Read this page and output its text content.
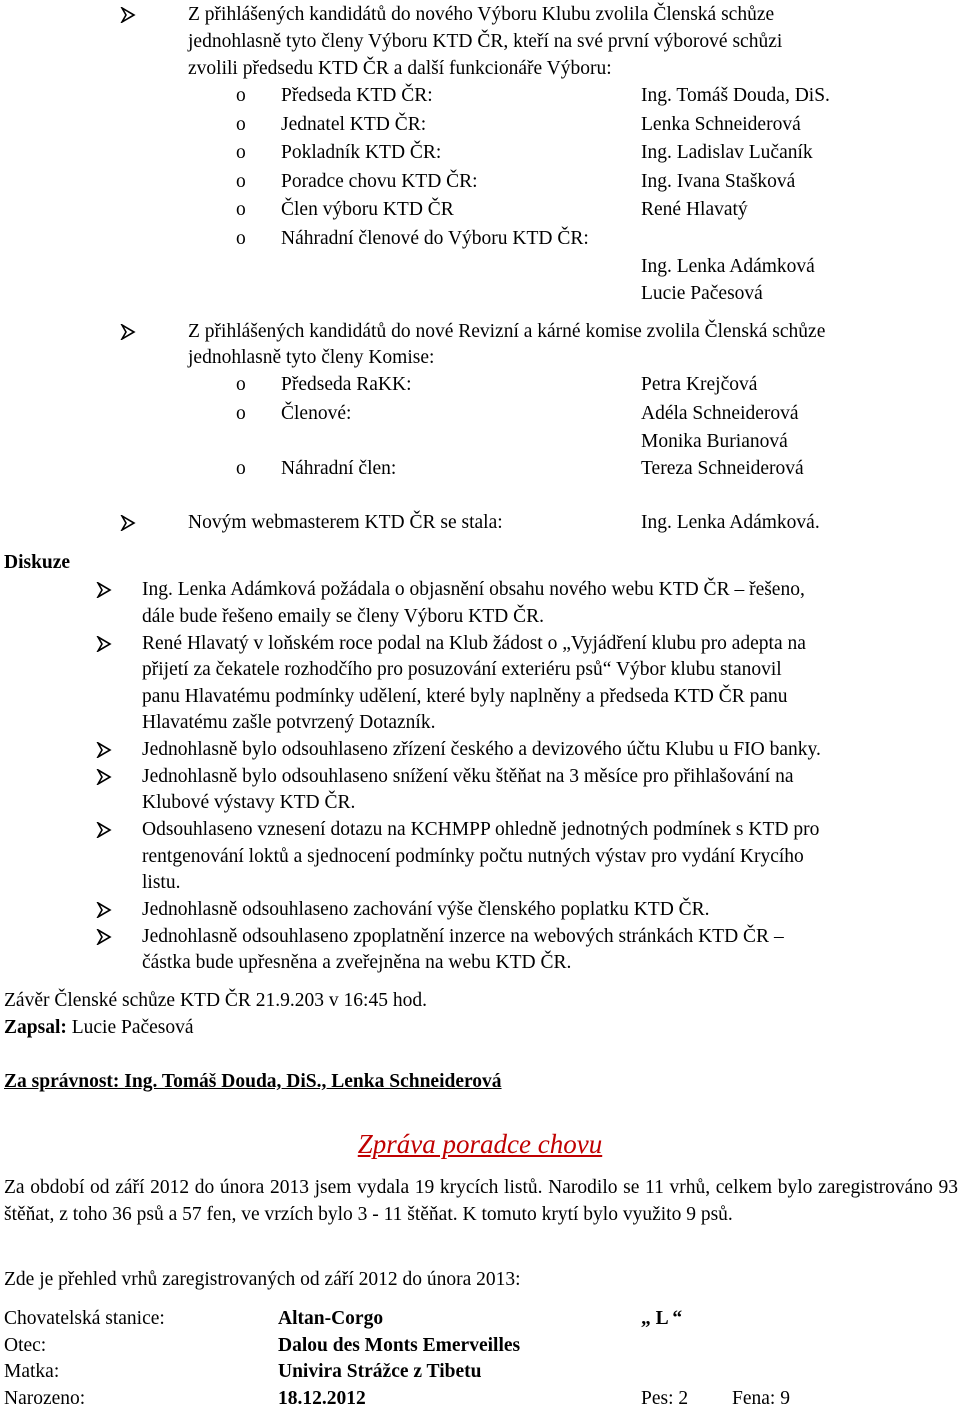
Z přihlášených kandidátů do nového Výboru Klubu zvolila Členská schůze
jednohlasně tyto členy Výboru KTD ČR, kteří na své první výborové schůzi
zvolili předsedu KTD ČR a další funkcionáře Výboru:
o Předseda KTD ČR:	Ing. Tomáš Douda, DiS.
o Jednatel KTD ČR:	Lenka Schneiderová
o Pokladník KTD ČR:	Ing. Ladislav Lučaník
o Poradce chovu KTD ČR:	Ing. Ivana Stašková
o Člen výboru KTD ČR	René Hlavatý
o Náhradní členové do Výboru KTD ČR:
Ing. Lenka Adámková
Lucie Pačesová
Z přihlášených kandidátů do nové Revizní a kárné komise zvolila Členská schůze
jednohlasně tyto členy Komise:
o Předseda RaKK:	Petra Krejčová
o Členové:	Adéla Schneiderová
Monika Burianová
o Náhradní člen:	Tereza Schneiderová
Novým webmasterem KTD ČR se stala:	Ing. Lenka Adámková.
Diskuze
Ing. Lenka Adámková požádala o objasnění obsahu nového webu KTD ČR – řešeno,
dále bude řešeno emaily se členy Výboru KTD ČR.
René Hlavatý v loňském roce podal na Klub žádost o „Vyjádření klubu pro adepta na
přijetí za čekatele rozhodčího pro posuzování exteriéru psů“ Výbor klubu stanovil
panu Hlavatému podmínky udělení, které byly naplněny a předseda KTD ČR panu
Hlavatému zašle potvrzený Dotazník.
Jednohlasně bylo odsouhlaseno zřízení českého a devizového účtu Klubu u FIO banky.
Jednohlasně bylo odsouhlaseno snížení věku štěňat na 3 měsíce pro přihlašování na
Klubové výstavy KTD ČR.
Odsouhlaseno vznesení dotazu na KCHMPP ohledně jednotných podmínek s KTD pro
rentgenování loktů a sjednocení podmínky počtu nutných výstav pro vydání Krycího
listu.
Jednohlasně odsouhlaseno zachování výše členského poplatku KTD ČR.
Jednohlasně odsouhlaseno zpoplatnění inzerce na webových stránkách KTD ČR –
částka bude upřesněna a zveřejněna na webu KTD ČR.
Závěr Členské schůze KTD ČR 21.9.203 v 16:45 hod.
Zapsal: Lucie Pačesová
Za správnost: Ing. Tomáš Douda, DiS., Lenka Schneiderová
Zpráva poradce chovu
Za období od září 2012 do února 2013 jsem vydala 19 krycích listů. Narodilo se 11 vrhů, celkem bylo zaregistrováno 93 štěňat, z toho 36 psů a 57 fen, ve vrzích bylo 3 - 11 štěňat. K tomuto krytí bylo využito 9 psů.
Zde je přehled vrhů zaregistrovaných od září 2012 do února 2013:
Chovatelská stanice:	Altan-Corgo	„ L “
Otec:	Dalou des Monts Emerveilles
Matka:	Univira Strážce z Tibetu
Narozeno:	18.12.2012	Pes: 2 Fena: 9
